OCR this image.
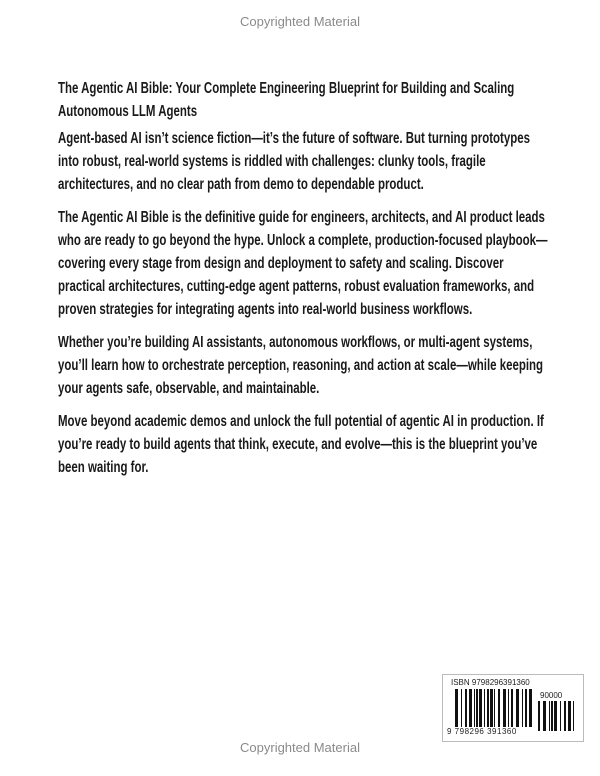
Copyrighted Material
The Agentic AI Bible: Your Complete Engineering Blueprint for Building and Scaling
Autonomous LLM Agents
Agent-based AI isn’t science fiction—it’s the future of software. But turning prototypes
into robust, real-world systems is riddled with challenges: clunky tools, fragile
architectures, and no clear path from demo to dependable product.
The Agentic AI Bible is the definitive guide for engineers, architects, and AI product leads
who are ready to go beyond the hype. Unlock a complete, production-focused playbook—
covering every stage from design and deployment to safety and scaling. Discover
practical architectures, cutting-edge agent patterns, robust evaluation frameworks, and
proven strategies for integrating agents into real-world business workflows.
Whether you’re building AI assistants, autonomous workflows, or multi-agent systems,
you’ll learn how to orchestrate perception, reasoning, and action at scale—while keeping
your agents safe, observable, and maintainable.
Move beyond academic demos and unlock the full potential of agentic AI in production. If
you’re ready to build agents that think, execute, and evolve—this is the blueprint you’ve
been waiting for.
ISBN 9798296391360
90000
9 798296 391360
Copyrighted Material
